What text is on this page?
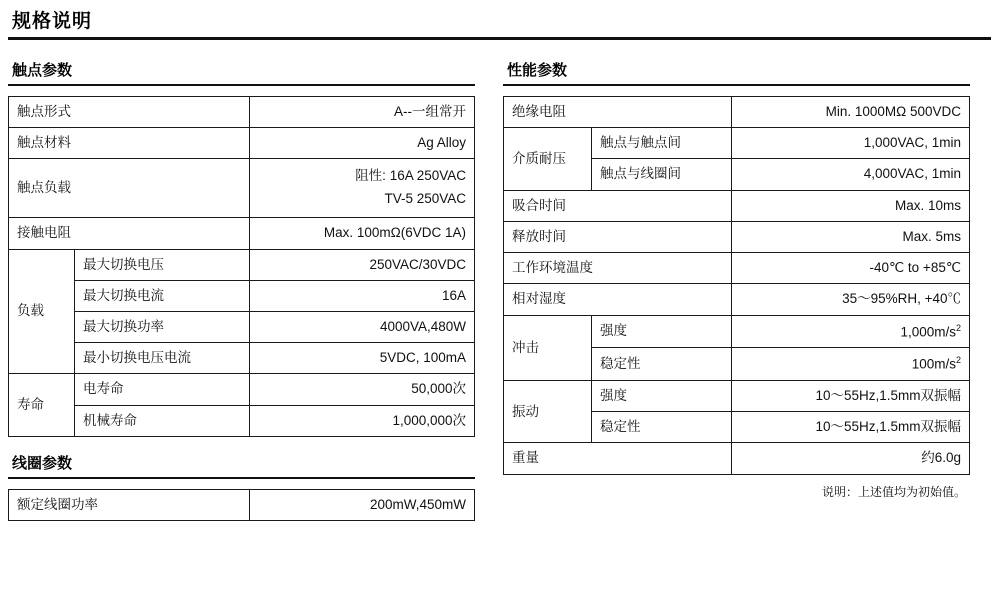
规格说明
触点参数
触点形式		A--一组常开
触点材料		Ag Alloy
触点负载		阻性: 16A 250VAC
TV-5 250VAC

接触电阻		Max. 100mΩ(6VDC 1A)
负载	最大切换电压	250VAC/30VDC
	最大切换电流	16A
	最大切换功率	4000VA,480W
	最小切换电压电流	5VDC, 100mA
寿命	电寿命	50,000次
	机械寿命	1,000,000次
线圈参数
额定线圈功率	200mW,450mW
性能参数
绝缘电阻		Min. 1000MΩ 500VDC
介质耐压	触点与触点间	1,000VAC, 1min
	触点与线圈间	4,000VAC, 1min
吸合时间		Max. 10ms
释放时间		Max. 5ms
工作环境温度		-40℃ to +85℃
相对湿度		35～95%RH, +40℃
冲击	强度	$1,000m/s^2$
	稳定性	$100m/s^2$
振动	强度	10～55Hz,1.5mm双振幅
	稳定性	10～55Hz,1.5mm双振幅
重量		约6.0g
说明：上述值均为初始值。
